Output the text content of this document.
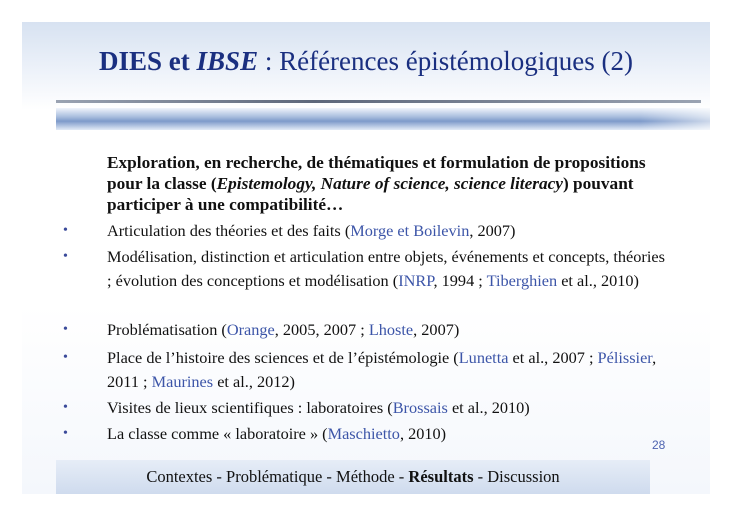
DIES et IBSE : Références épistémologiques (2)
Exploration, en recherche, de thématiques et formulation de propositions pour la classe (Epistemology, Nature of science, science literacy) pouvant participer à une compatibilité…
• Articulation des théories et des faits (Morge et Boilevin, 2007)
• Modélisation, distinction et articulation entre objets, événements et concepts, théories ; évolution des conceptions et modélisation (INRP, 1994 ; Tiberghien et al., 2010)
• Problématisation (Orange, 2005, 2007 ; Lhoste, 2007)
• Place de l’histoire des sciences et de l’épistémologie (Lunetta et al., 2007 ; Pélissier, 2011 ; Maurines et al., 2012)
• Visites de lieux scientifiques : laboratoires (Brossais et al., 2010)
• La classe comme « laboratoire » (Maschietto, 2010)
28
Contextes - Problématique - Méthode - Résultats - Discussion
